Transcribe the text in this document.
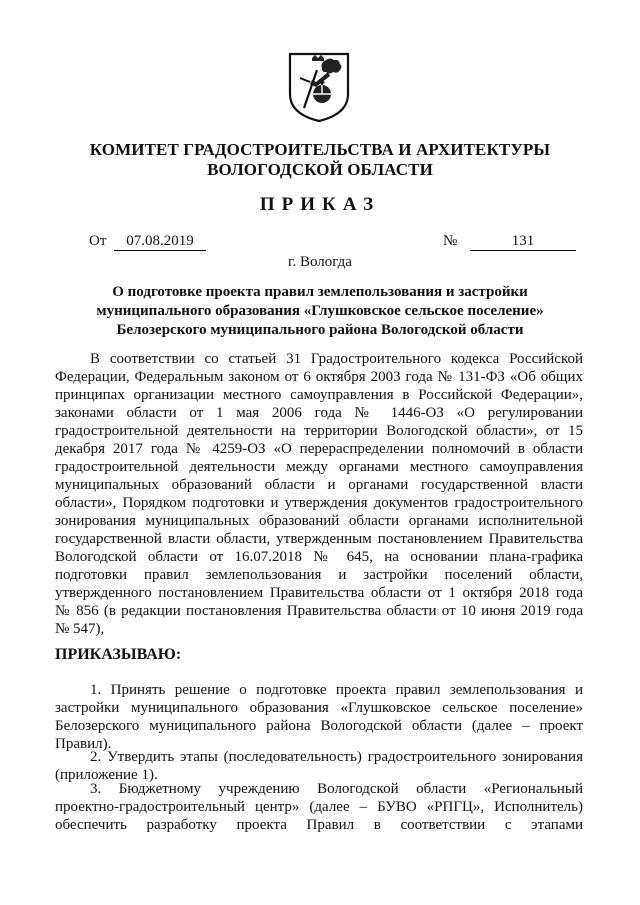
КОМИТЕТ ГРАДОСТРОИТЕЛЬСТВА И АРХИТЕКТУРЫ
ВОЛОГОДСКОЙ ОБЛАСТИ
ПРИКАЗ
От	07.08.2019	№	131
г. Вологда
О подготовке проекта правил землепользования и застройки
муниципального образования «Глушковское сельское поселение»
Белозерского муниципального района Вологодской области
В соответствии со статьей 31 Градостроительного кодекса Российской
Федерации, Федеральным законом от 6 октября 2003 года № 131-ФЗ «Об общих
принципах организации местного самоуправления в Российской Федерации»,
законами области от 1 мая 2006 года № 1446-ОЗ «О регулировании
градостроительной деятельности на территории Вологодской области», от 15
декабря 2017 года № 4259-ОЗ «О перераспределении полномочий в области
градостроительной деятельности между органами местного самоуправления
муниципальных образований области и органами государственной власти
области», Порядком подготовки и утверждения документов градостроительного
зонирования муниципальных образований области органами исполнительной
государственной власти области, утвержденным постановлением Правительства
Вологодской области от 16.07.2018 № 645, на основании плана-графика
подготовки правил землепользования и застройки поселений области,
утвержденного постановлением Правительства области от 1 октября 2018 года
№ 856 (в редакции постановления Правительства области от 10 июня 2019 года
№ 547),
ПРИКАЗЫВАЮ:
1. Принять решение о подготовке проекта правил землепользования и
застройки муниципального образования «Глушковское сельское поселение»
Белозерского муниципального района Вологодской области (далее – проект
Правил).
2. Утвердить этапы (последовательность) градостроительного зонирования
(приложение 1).
3. Бюджетному учреждению Вологодской области «Региональный
проектно-градостроительный центр» (далее – БУВО «РПГЦ», Исполнитель)
обеспечить разработку проекта Правил в соответствии с этапами
